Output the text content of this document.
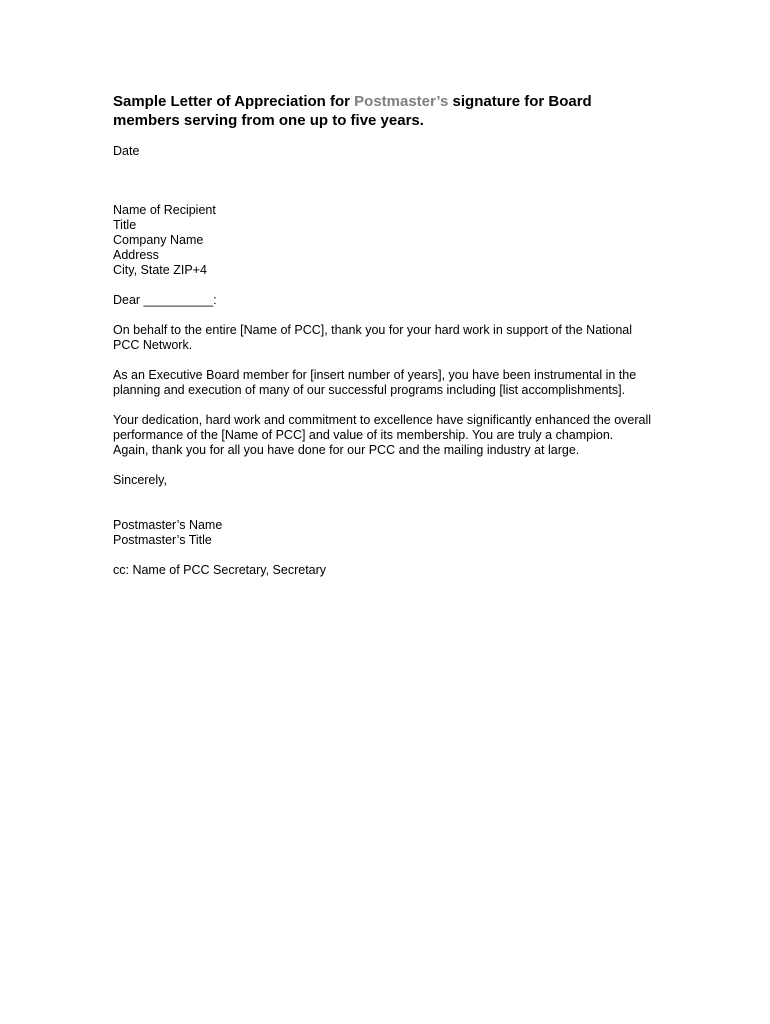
Sample Letter of Appreciation for Postmaster’s signature for Board
members serving from one up to five years.
Date
Name of Recipient
Title
Company Name
Address
City, State ZIP+4
Dear __________:
On behalf to the entire [Name of PCC], thank you for your hard work in support of the National
PCC Network.
As an Executive Board member for [insert number of years], you have been instrumental in the
planning and execution of many of our successful programs including [list accomplishments].
Your dedication, hard work and commitment to excellence have significantly enhanced the overall
performance of the [Name of PCC] and value of its membership. You are truly a champion.
Again, thank you for all you have done for our PCC and the mailing industry at large.
Sincerely,
Postmaster’s Name
Postmaster’s Title
cc: Name of PCC Secretary, Secretary
